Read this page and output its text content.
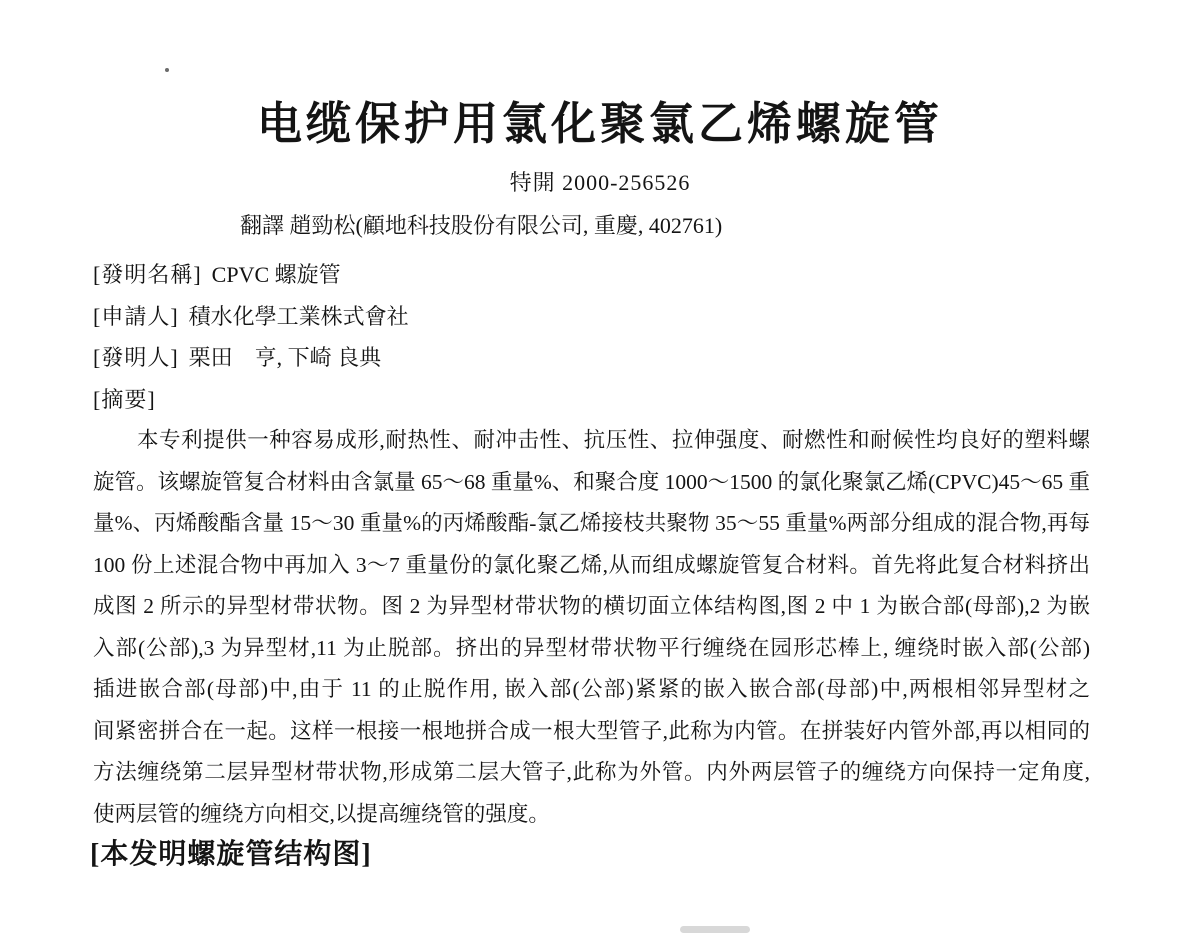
电缆保护用氯化聚氯乙烯螺旋管
特開 2000-256526
翻譯 趙勁松(顧地科技股份有限公司, 重慶, 402761)
[發明名稱] CPVC 螺旋管
[申請人] 積水化學工業株式會社
[發明人] 栗田　亨, 下崎 良典
[摘要]
本专利提供一种容易成形,耐热性、耐冲击性、抗压性、拉伸强度、耐燃性和耐候性均良好的塑料螺
旋管。该螺旋管复合材料由含氯量 65〜68 重量%、和聚合度 1000〜1500 的氯化聚氯乙烯(CPVC)45〜65 重
量%、丙烯酸酯含量 15〜30 重量%的丙烯酸酯-氯乙烯接枝共聚物 35〜55 重量%两部分组成的混合物,再每
100 份上述混合物中再加入 3〜7 重量份的氯化聚乙烯,从而组成螺旋管复合材料。首先将此复合材料挤出
成图 2 所示的异型材带状物。图 2 为异型材带状物的横切面立体结构图,图 2 中 1 为嵌合部(母部),2 为嵌
入部(公部),3 为异型材,11 为止脱部。挤出的异型材带状物平行缠绕在园形芯棒上, 缠绕时嵌入部(公部)
插进嵌合部(母部)中,由于 11 的止脱作用, 嵌入部(公部)紧紧的嵌入嵌合部(母部)中,两根相邻异型材之
间紧密拼合在一起。这样一根接一根地拼合成一根大型管子,此称为内管。在拼装好内管外部,再以相同的
方法缠绕第二层异型材带状物,形成第二层大管子,此称为外管。内外两层管子的缠绕方向保持一定角度,
使两层管的缠绕方向相交,以提高缠绕管的强度。
[本发明螺旋管结构图]
